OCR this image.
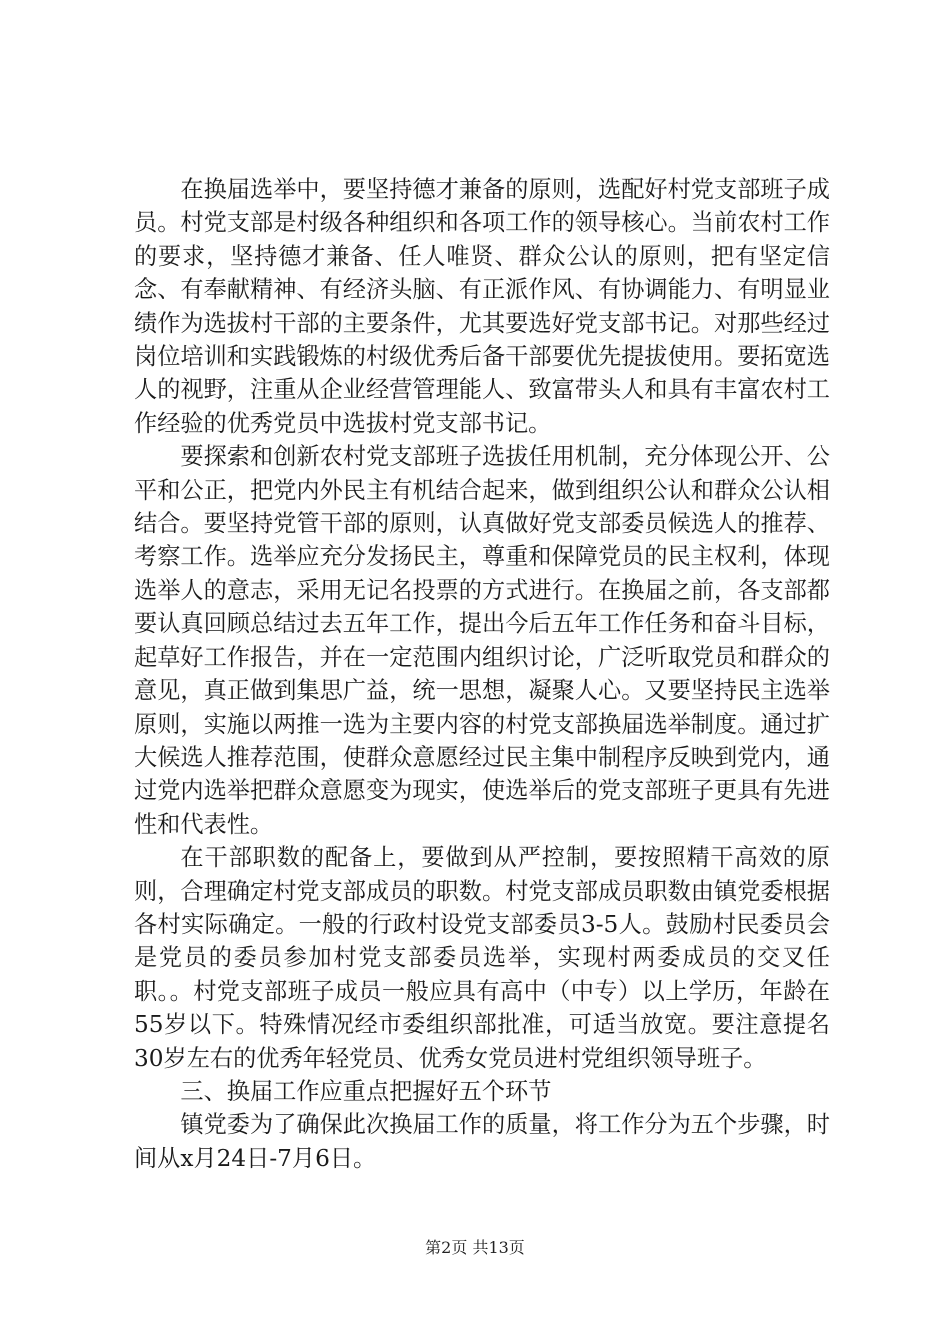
在换届选举中，要坚持德才兼备的原则，选配好村党支部班子成员。村党支部是村级各种组织和各项工作的领导核心。当前农村工作的要求，坚持德才兼备、任人唯贤、群众公认的原则，把有坚定信念、有奉献精神、有经济头脑、有正派作风、有协调能力、有明显业绩作为选拔村干部的主要条件，尤其要选好党支部书记。对那些经过岗位培训和实践锻炼的村级优秀后备干部要优先提拔使用。要拓宽选人的视野，注重从企业经营管理能人、致富带头人和具有丰富农村工作经验的优秀党员中选拔村党支部书记。

要探索和创新农村党支部班子选拔任用机制，充分体现公开、公平和公正，把党内外民主有机结合起来，做到组织公认和群众公认相结合。要坚持党管干部的原则，认真做好党支部委员候选人的推荐、考察工作。选举应充分发扬民主，尊重和保障党员的民主权利，体现选举人的意志，采用无记名投票的方式进行。在换届之前，各支部都要认真回顾总结过去五年工作，提出今后五年工作任务和奋斗目标，起草好工作报告，并在一定范围内组织讨论，广泛听取党员和群众的意见，真正做到集思广益，统一思想，凝聚人心。又要坚持民主选举原则，实施以两推一选为主要内容的村党支部换届选举制度。通过扩大候选人推荐范围，使群众意愿经过民主集中制程序反映到党内，通过党内选举把群众意愿变为现实，使选举后的党支部班子更具有先进性和代表性。

在干部职数的配备上，要做到从严控制，要按照精干高效的原则，合理确定村党支部成员的职数。村党支部成员职数由镇党委根据各村实际确定。一般的行政村设党支部委员3-5人。鼓励村民委员会是党员的委员参加村党支部委员选举，实现村两委成员的交叉任职。。村党支部班子成员一般应具有高中（中专）以上学历，年龄在55岁以下。特殊情况经市委组织部批准，可适当放宽。要注意提名30岁左右的优秀年轻党员、优秀女党员进村党组织领导班子。

三、换届工作应重点把握好五个环节

镇党委为了确保此次换届工作的质量，将工作分为五个步骤，时间从x月24日-7月6日。

第2页 共13页
